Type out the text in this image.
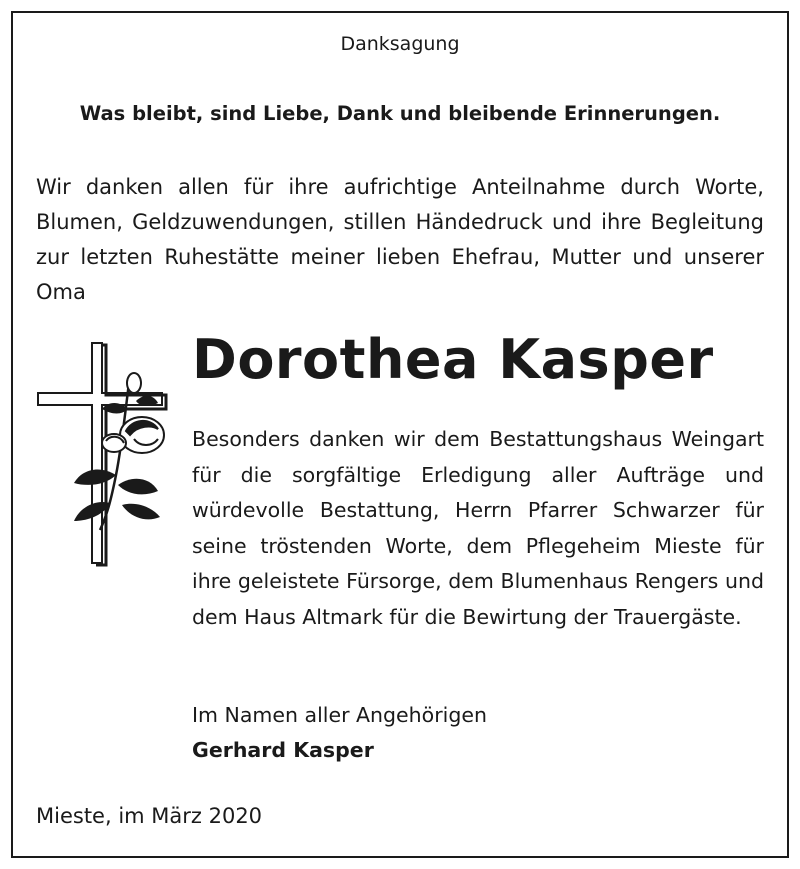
Danksagung
Was bleibt, sind Liebe, Dank und bleibende Erinnerungen.

Wir danken allen für ihre aufrichtige Anteilnahme durch Worte, Blumen, Geldzuwendungen, stillen Händedruck und ihre Begleitung zur letzten Ruhestätte meiner lieben Ehefrau, Mutter und unserer Oma

Dorothea Kasper

Besonders danken wir dem Bestattungshaus Weingart für die sorgfältige Erledigung aller Aufträge und würdevolle Bestattung, Herrn Pfarrer Schwarzer für seine tröstenden Worte, dem Pflegeheim Mieste für ihre geleistete Fürsorge, dem Blumenhaus Rengers und dem Haus Altmark für die Bewirtung der Trauergäste.

Im Namen aller Angehörigen
Gerhard Kasper
Mieste, im März 2020
